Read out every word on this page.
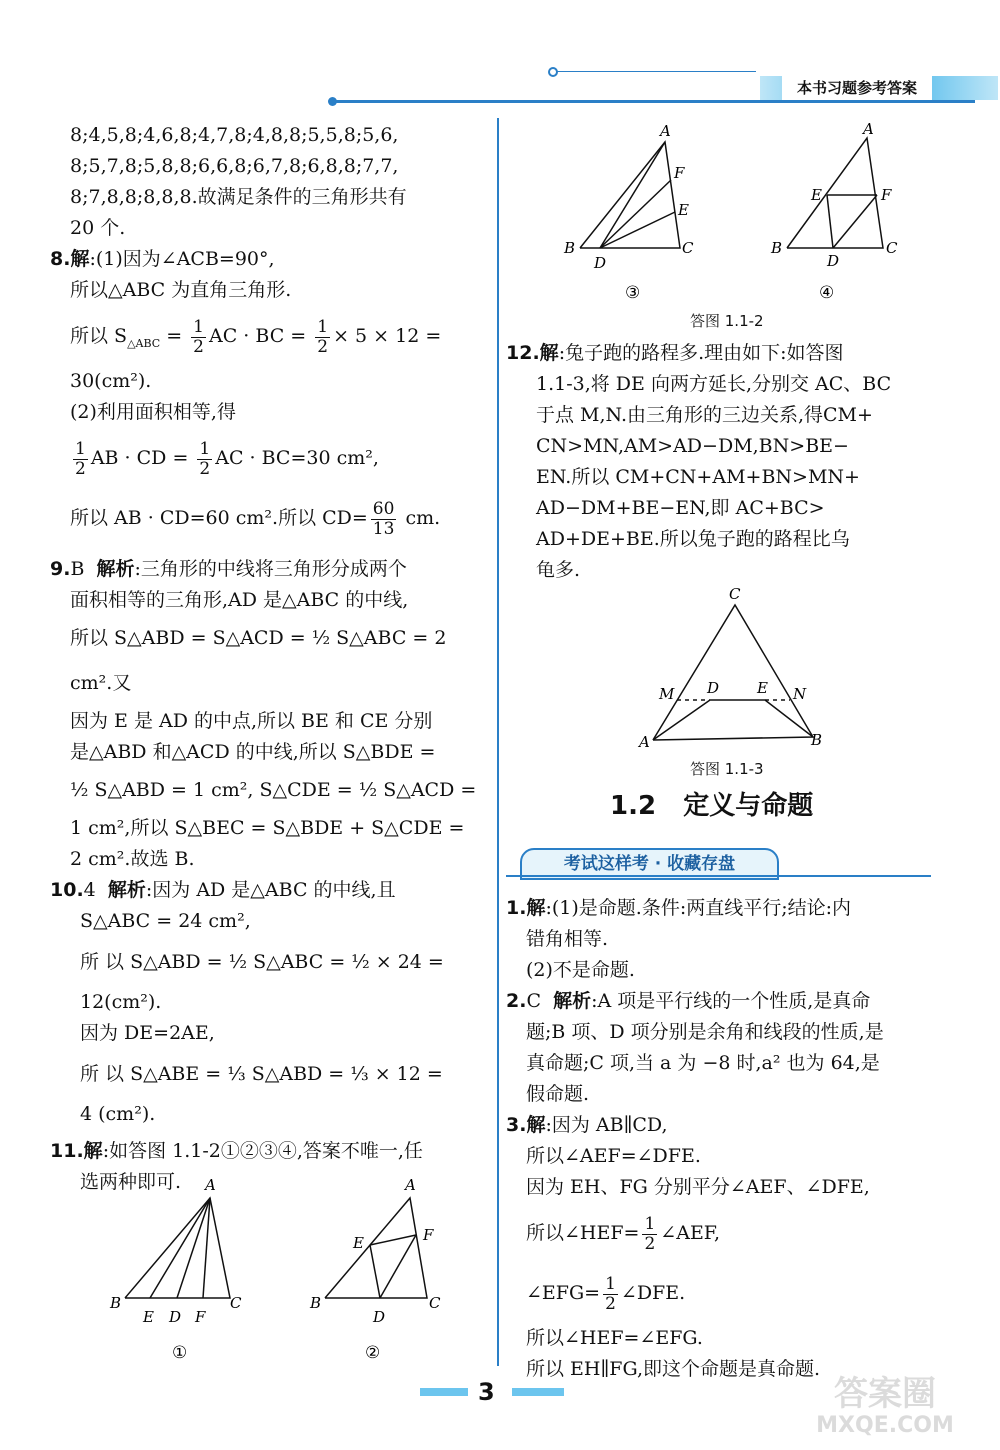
本书习题参考答案

8;4,5,8;4,6,8;4,7,8;4,8,8;5,5,8;5,6,

8;5,7,8;5,8,8;6,6,8;6,7,8;6,8,8;7,7,

8;7,8,8;8,8,8.故满足条件的三角形共有

20 个.

8.解:(1)因为∠ACB=90°,

所以△ABC 为直角三角形.

所以 $S_{\triangle ABC} = \frac{1}{2}$ AC · BC = $\frac{1}{2} \times 5 \times 12$ =

30(cm²).

(2)利用面积相等,得

$\frac{1}{2}$ AB · CD = $\frac{1}{2}$ AC · BC=30 cm²,

所以 AB · CD=60 cm².所以 $CD= \frac{60}{13}$ cm.

9.B 解析:三角形的中线将三角形分成两个

面积相等的三角形,AD 是△ABC 的中线,

所以 S△ABD = S△ACD = ½ S△ABC = 2 cm².又

因为 E 是 AD 的中点,所以 BE 和 CE 分别

是△ABD 和△ACD 的中线,所以 S△BDE =

½ S△ABD = 1 cm², S△CDE = ½ S△ACD =

1 cm²,所以 S△BEC = S△BDE + S△CDE =

2 cm².故选 B.

10.4 解析:因为 AD 是△ABC 的中线,且

S△ABC = 24 cm²,

所 以 S△ABD = ½ S△ABC = ½ × 24 =

12(cm²).

因为 DE=2AE,

所 以 S△ABE = ⅓ S△ABD = ⅓ × 12 =

4 (cm²).

11.解:如答图 1.1-2①②③④,答案不唯一,任

选两种即可.	A
B
E D F
C
①
A
E	F
B
D
C
②
A
F
E
B
D
C
③
A
E	F
B
D
C
④
答图 1.1-2

12.解:兔子跑的路程多.理由如下:如答图

1.1-3,将 DE 向两方延长,分别交 AC、BC

于点 M,N.由三角形的三边关系,得CM+

CN>MN,AM>AD−DM,BN>BE−

EN.所以 CM+CN+AM+BN>MN+

AD−DM+BE−EN,即 AC+BC>

AD+DE+BE.所以兔子跑的路程比乌

龟多.

C
M D	E N
A	B
答图 1.1-3
1.2 定义与命题
考试这样考 · 收藏存盘

1.解:(1)是命题.条件:两直线平行;结论:内

错角相等.

(2)不是命题.

2.C 解析:A 项是平行线的一个性质,是真命

题;B 项、D 项分别是余角和线段的性质,是

真命题;C 项,当 a 为 −8 时,a² 也为 64,是

假命题.

3.解:因为 AB∥CD,

所以∠AEF=∠DFE.

因为 EH、FG 分别平分∠AEF、∠DFE,

所以∠HEF= $\frac{1}{2}$ ∠AEF,

∠EFG= $\frac{1}{2}$ ∠DFE.

所以∠HEF=∠EFG.

所以 EH∥FG,即这个命题是真命题.

3	答案圈
MXQE.COM
